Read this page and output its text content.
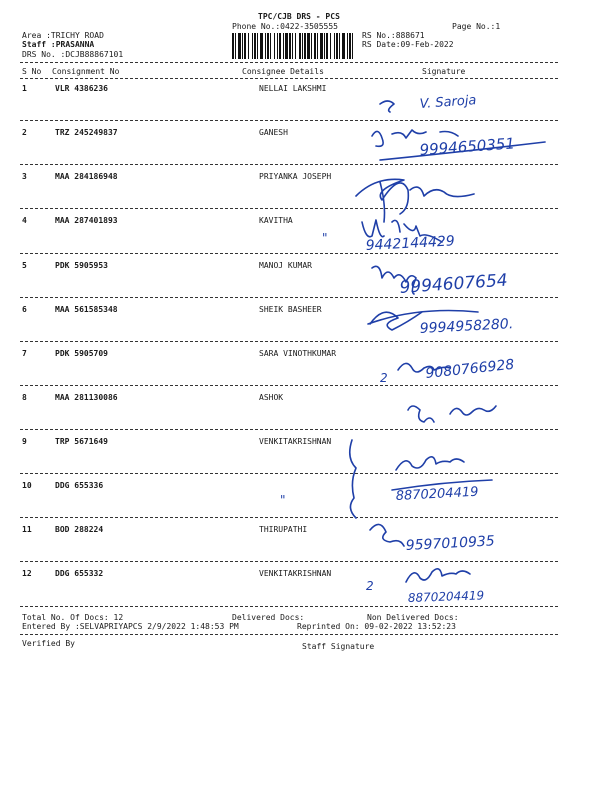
TPC/CJB DRS - PCS
Phone No.:0422-3505555	Page No.:1
Area :TRICHY ROAD
Staff :PRASANNA
DRS No. :DCJB88867101
RS No.:888671
RS Date:09-Feb-2022
S No Consignment No	Consignee Details	Signature
1	VLR 4386236	NELLAI LAKSHMI
2	TRZ 245249837	GANESH
3	MAA 284186948	PRIYANKA JOSEPH
4	MAA 287401893	KAVITHA
5	PDK 5905953	MANOJ KUMAR
6	MAA 561585348	SHEIK BASHEER
7	PDK 5905709	SARA VINOTHKUMAR
8	MAA 281130086	ASHOK
9	TRP 5671649	VENKITAKRISHNAN
10	DDG 655336
11	BOD 288224	THIRUPATHI
12	DDG 655332	VENKITAKRISHNAN
Total No. Of Docs: 12	Delivered Docs:	Non Delivered Docs:
Entered By :SELVAPRIYAPCS 2/9/2022 1:48:53 PM	Reprinted On: 09-02-2022 13:52:23
Verified By	Staff Signature
V. Saroja
9994650351
"	9442144429
9994607654
9994958280.
2	9080766928
8870204419
"
9597010935
2
8870204419
